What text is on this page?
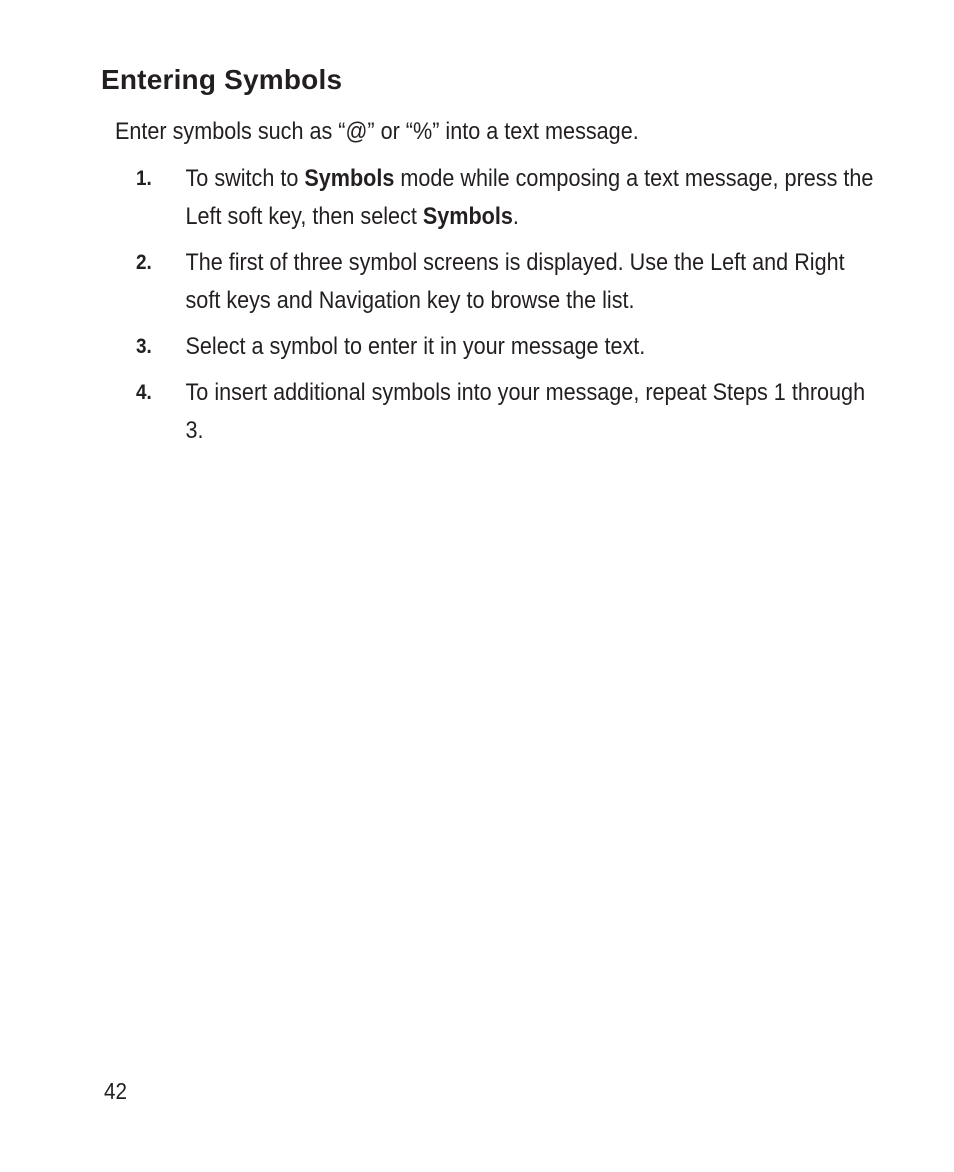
Entering Symbols

Enter symbols such as “@” or “%” into a text message.

1. To switch to Symbols mode while composing a text message, press the Left soft key, then select Symbols.
2. The first of three symbol screens is displayed. Use the Left and Right soft keys and Navigation key to browse the list.
3. Select a symbol to enter it in your message text.
4. To insert additional symbols into your message, repeat Steps 1 through 3.

42
